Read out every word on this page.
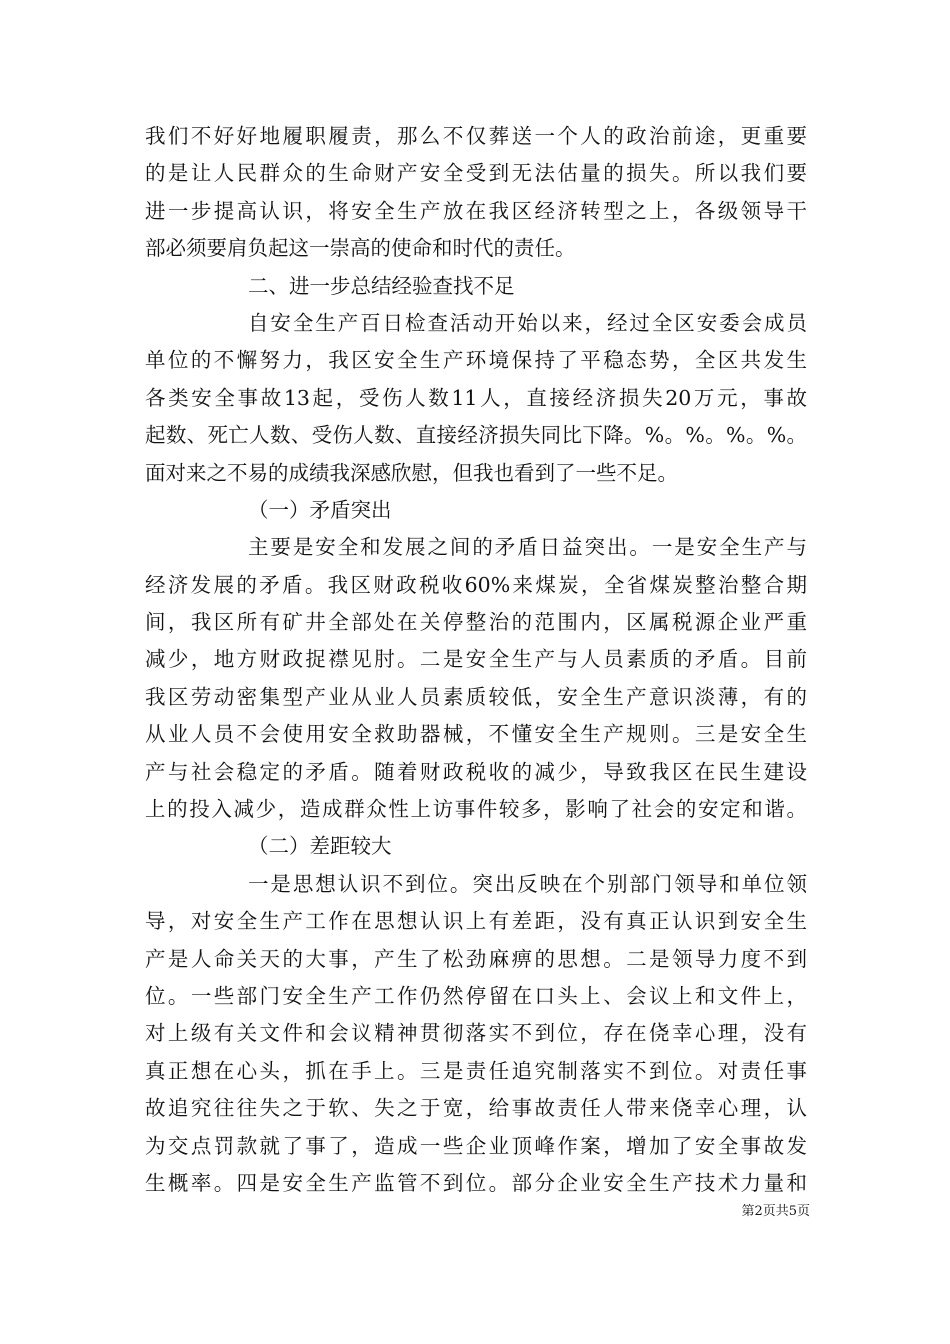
我们不好好地履职履责，那么不仅葬送一个人的政治前途，更重要
的是让人民群众的生命财产安全受到无法估量的损失。所以我们要
进一步提高认识，将安全生产放在我区经济转型之上，各级领导干
部必须要肩负起这一崇高的使命和时代的责任。
二、进一步总结经验查找不足
自安全生产百日检查活动开始以来，经过全区安委会成员
单位的不懈努力，我区安全生产环境保持了平稳态势，全区共发生
各类安全事故13起，受伤人数11人，直接经济损失20万元，事故
起数、死亡人数、受伤人数、直接经济损失同比下降。%。%。%。%。
面对来之不易的成绩我深感欣慰，但我也看到了一些不足。
（一）矛盾突出
主要是安全和发展之间的矛盾日益突出。一是安全生产与
经济发展的矛盾。我区财政税收60%来煤炭，全省煤炭整治整合期
间，我区所有矿井全部处在关停整治的范围内，区属税源企业严重
减少，地方财政捉襟见肘。二是安全生产与人员素质的矛盾。目前
我区劳动密集型产业从业人员素质较低，安全生产意识淡薄，有的
从业人员不会使用安全救助器械，不懂安全生产规则。三是安全生
产与社会稳定的矛盾。随着财政税收的减少，导致我区在民生建设
上的投入减少，造成群众性上访事件较多，影响了社会的安定和谐。
（二）差距较大
一是思想认识不到位。突出反映在个别部门领导和单位领
导，对安全生产工作在思想认识上有差距，没有真正认识到安全生
产是人命关天的大事，产生了松劲麻痹的思想。二是领导力度不到
位。一些部门安全生产工作仍然停留在口头上、会议上和文件上，
对上级有关文件和会议精神贯彻落实不到位，存在侥幸心理，没有
真正想在心头，抓在手上。三是责任追究制落实不到位。对责任事
故追究往往失之于软、失之于宽，给事故责任人带来侥幸心理，认
为交点罚款就了事了，造成一些企业顶峰作案，增加了安全事故发
生概率。四是安全生产监管不到位。部分企业安全生产技术力量和
第2页共5页
